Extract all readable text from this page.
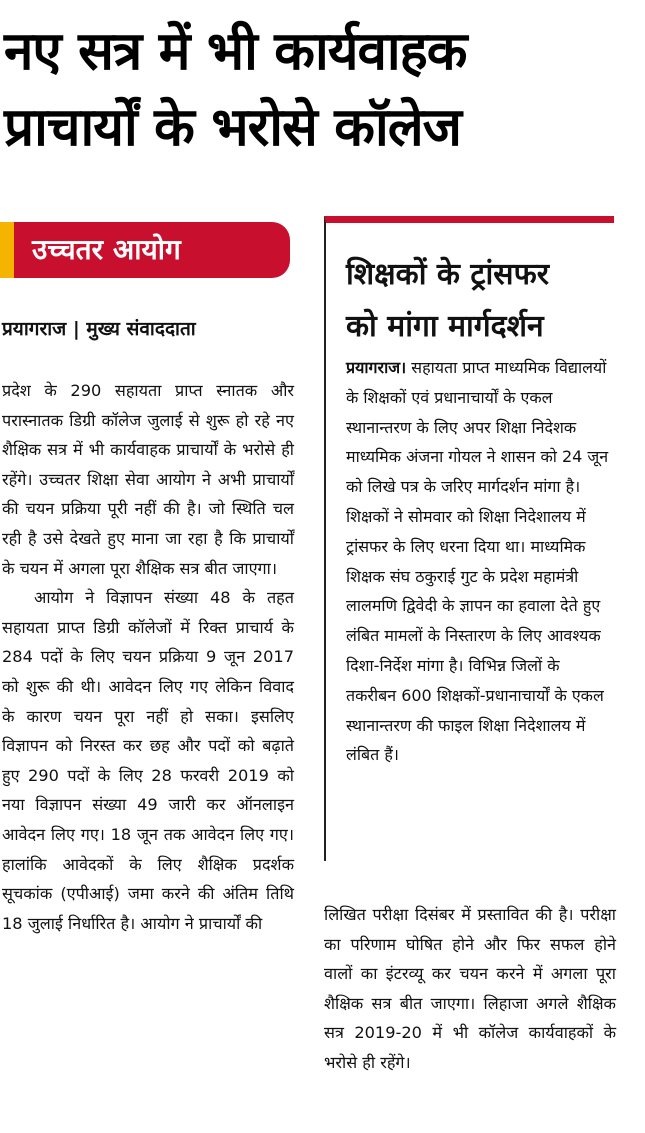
नए सत्र में भी कार्यवाहक
प्राचार्यों के भरोसे कॉलेज
उच्चतर आयोग
प्रयागराज | मुख्य संवाददाता

प्रदेश के 290 सहायता प्राप्त स्नातक और परास्नातक डिग्री कॉलेज जुलाई से शुरू हो रहे नए शैक्षिक सत्र में भी कार्यवाहक प्राचार्यों के भरोसे ही रहेंगे। उच्चतर शिक्षा सेवा आयोग ने अभी प्राचार्यों की चयन प्रक्रिया पूरी नहीं की है। जो स्थिति चल रही है उसे देखते हुए माना जा रहा है कि प्राचार्यों के चयन में अगला पूरा शैक्षिक सत्र बीत जाएगा।

आयोग ने विज्ञापन संख्या 48 के तहत सहायता प्राप्त डिग्री कॉलेजों में रिक्त प्राचार्य के 284 पदों के लिए चयन प्रक्रिया 9 जून 2017 को शुरू की थी। आवेदन लिए गए लेकिन विवाद के कारण चयन पूरा नहीं हो सका। इसलिए विज्ञापन को निरस्त कर छह और पदों को बढ़ाते हुए 290 पदों के लिए 28 फरवरी 2019 को नया विज्ञापन संख्या 49 जारी कर ऑनलाइन आवेदन लिए गए। 18 जून तक आवेदन लिए गए। हालांकि आवेदकों के लिए शैक्षिक प्रदर्शक सूचकांक (एपीआई) जमा करने की अंतिम तिथि 18 जुलाई निर्धारित है। आयोग ने प्राचार्यों की

शिक्षकों के ट्रांसफर
को मांगा मार्गदर्शन
प्रयागराज। सहायता प्राप्त माध्यमिक विद्यालयों के शिक्षकों एवं प्रधानाचार्यों के एकल स्थानान्तरण के लिए अपर शिक्षा निदेशक माध्यमिक अंजना गोयल ने शासन को 24 जून को लिखे पत्र के जरिए मार्गदर्शन मांगा है। शिक्षकों ने सोमवार को शिक्षा निदेशालय में ट्रांसफर के लिए धरना दिया था। माध्यमिक शिक्षक संघ ठकुराई गुट के प्रदेश महामंत्री लालमणि द्विवेदी के ज्ञापन का हवाला देते हुए लंबित मामलों के निस्तारण के लिए आवश्यक दिशा-निर्देश मांगा है। विभिन्न जिलों के तकरीबन 600 शिक्षकों-प्रधानाचार्यों के एकल स्थानान्तरण की फाइल शिक्षा निदेशालय में लंबित हैं।

लिखित परीक्षा दिसंबर में प्रस्तावित की है। परीक्षा का परिणाम घोषित होने और फिर सफल होने वालों का इंटरव्यू कर चयन करने में अगला पूरा शैक्षिक सत्र बीत जाएगा। लिहाजा अगले शैक्षिक सत्र 2019-20 में भी कॉलेज कार्यवाहकों के भरोसे ही रहेंगे।
